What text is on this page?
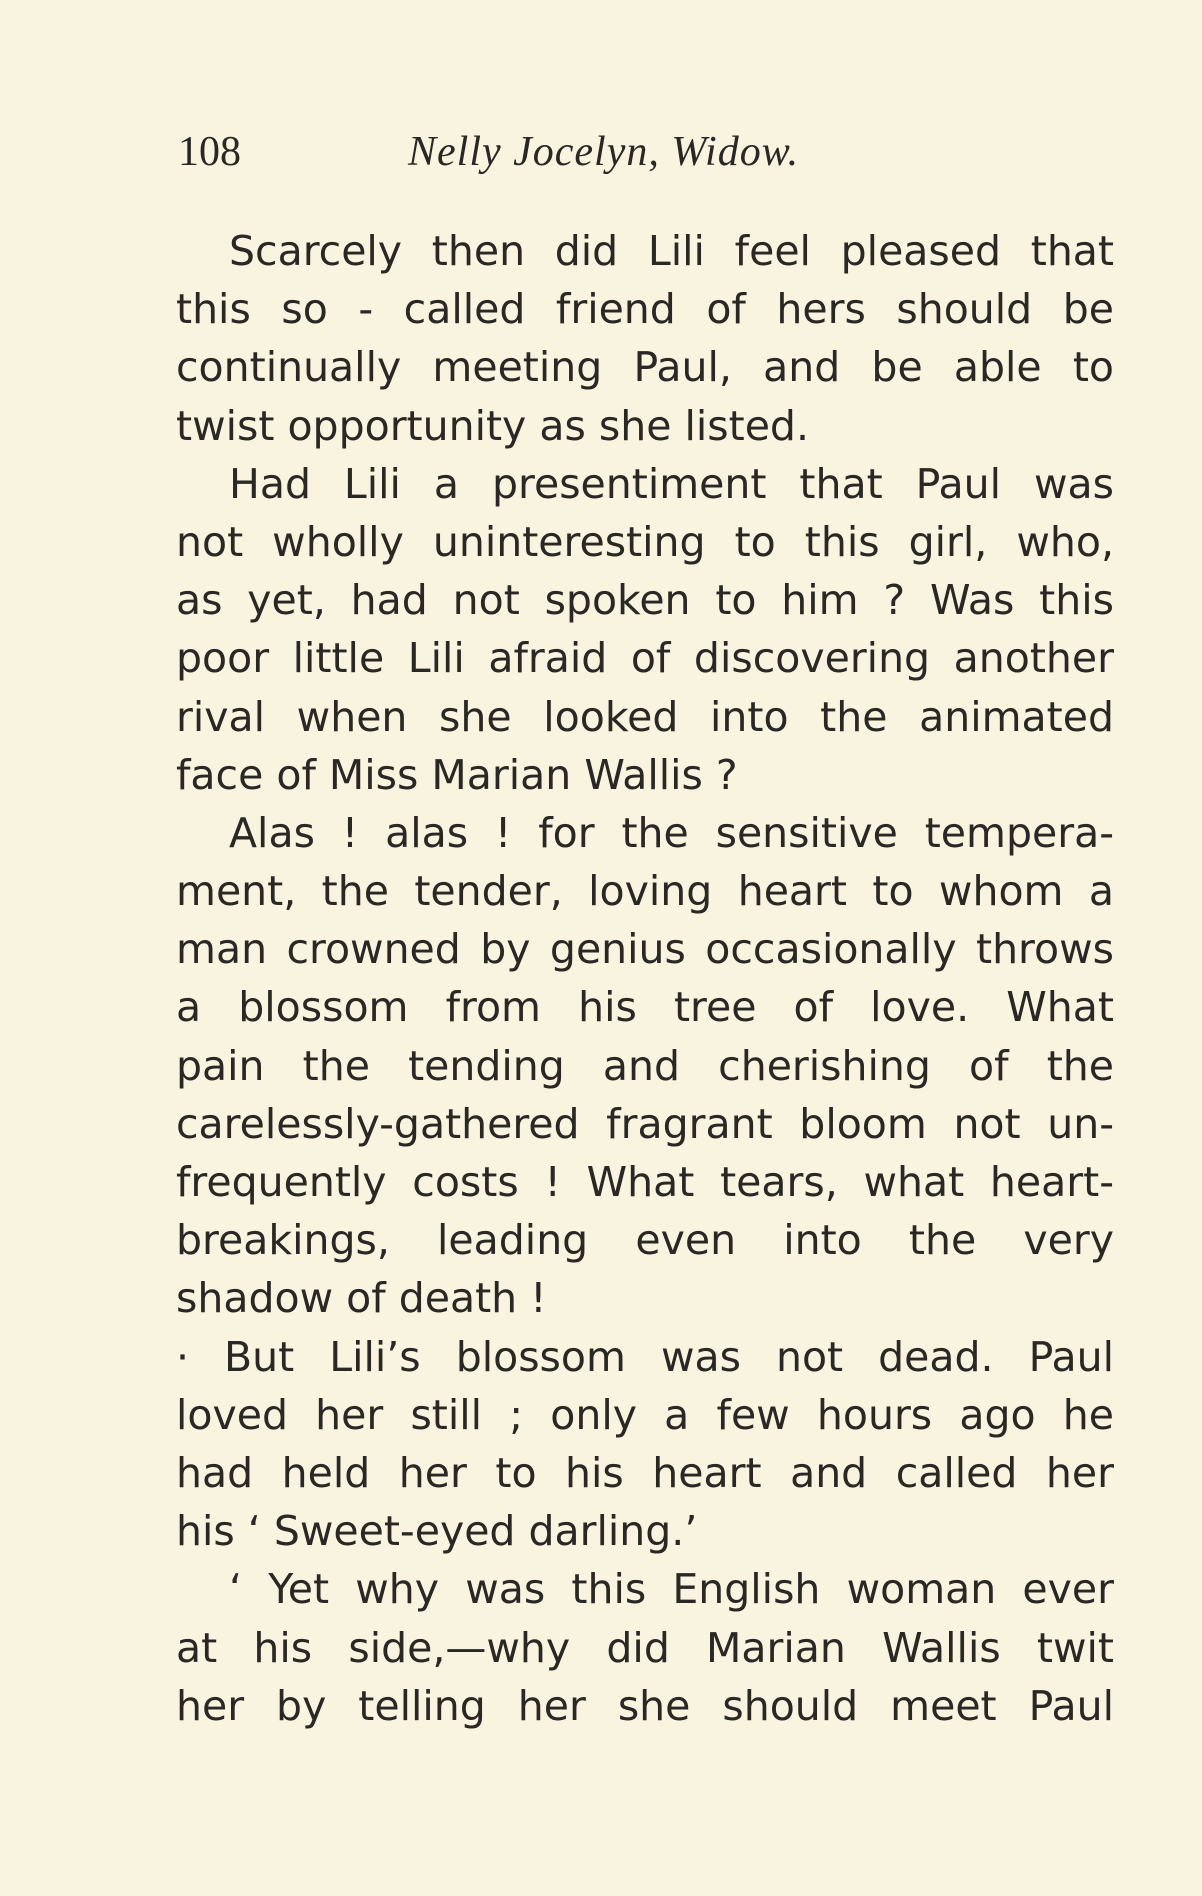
108	Nelly Jocelyn, Widow.
Scarcely then did Lili feel pleased that
this so - called friend of hers should be
continually meeting Paul, and be able to
twist opportunity as she listed.
Had Lili a presentiment that Paul was
not wholly uninteresting to this girl, who,
as yet, had not spoken to him ? Was this
poor little Lili afraid of discovering another
rival when she looked into the animated
face of Miss Marian Wallis ?
Alas ! alas ! for the sensitive tempera-
ment, the tender, loving heart to whom a
man crowned by genius occasionally throws
a blossom from his tree of love. What
pain the tending and cherishing of the
carelessly-gathered fragrant bloom not un-
frequently costs ! What tears, what heart-
breakings, leading even into the very
shadow of death !
· But Lili’s blossom was not dead. Paul
loved her still ; only a few hours ago he
had held her to his heart and called her
his ‘ Sweet-eyed darling.’
‘ Yet why was this English woman ever
at his side,—why did Marian Wallis twit
her by telling her she should meet Paul
